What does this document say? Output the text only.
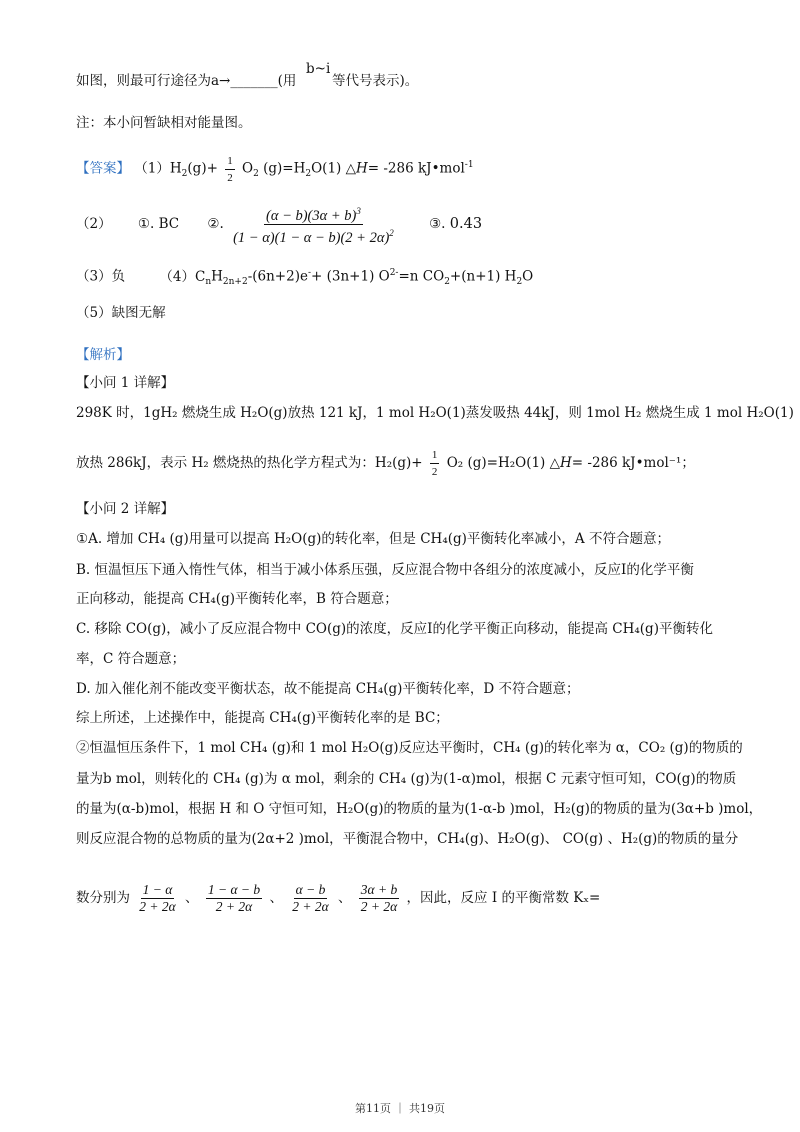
如图，则最可行途径为a→_______(用
b~i
等代号表示)。
注：本小问暂缺相对能量图。
【答案】 $(1)H_2(g)+ \frac{1}{2} O_2$ $(g)=H_2O(1)$ △H= -286 kJ•mol$^{-1}$
（2） ①. BC ②. $\frac{(\alpha - b)(3\alpha + b)^3}{(1 - \alpha)(1 - \alpha - b)(2 + 2\alpha)^2}$ ③. 0.43
（3）负	$(4)C_nH_{2n+2}-(6n+2)e^-+ (3n+1)$ $O^{2-}=n$ $CO_2+(n+1)$ $H_2O$
（5）缺图无解
【解析】
【小问 1 详解】
298K 时，1gH₂ 燃烧生成 H₂O(g)放热 121 kJ，1 mol H₂O(1)蒸发吸热 44kJ，则 1mol H₂ 燃烧生成 1 mol H₂O(1)
放热 286kJ，表示 H₂ 燃烧热的热化学方程式为：$H_2(g)+ \frac{1}{2} O_2$ (g)=H₂O(1) △H= -286 kJ•mol⁻¹；
【小问 2 详解】
①A. 增加 CH₄ (g)用量可以提高 H₂O(g)的转化率，但是 CH₄(g)平衡转化率减小，A 不符合题意；
B. 恒温恒压下通入惰性气体，相当于减小体系压强，反应混合物中各组分的浓度减小，反应I的化学平衡
正向移动，能提高 CH₄(g)平衡转化率，B 符合题意；
C. 移除 CO(g)，减小了反应混合物中 CO(g)的浓度，反应I的化学平衡正向移动，能提高 CH₄(g)平衡转化
率，C 符合题意；
D. 加入催化剂不能改变平衡状态，故不能提高 CH₄(g)平衡转化率，D 不符合题意；
综上所述，上述操作中，能提高 CH₄(g)平衡转化率的是 BC；
②恒温恒压条件下，1 mol CH₄ (g)和 1 mol H₂O(g)反应达平衡时，CH₄ (g)的转化率为 α，CO₂ (g)的物质的
量为b mol，则转化的 CH₄ (g)为 α mol，剩余的 CH₄ (g)为(1-α)mol，根据 C 元素守恒可知，CO(g)的物质
的量为(α-b)mol，根据 H 和 O 守恒可知，H₂O(g)的物质的量为(1-α-b )mol，H₂(g)的物质的量为(3α+b )mol，
则反应混合物的总物质的量为(2α+2 )mol，平衡混合物中，CH₄(g)、H₂O(g)、 CO(g) 、H₂(g)的物质的量分
数分别为 $\frac{1 - \alpha}{2 + 2\alpha}$ 、 $\frac{1 - \alpha - b}{2 + 2\alpha}$ 、 $\frac{\alpha - b}{2 + 2\alpha}$ 、 $\frac{3\alpha + b}{2 + 2\alpha}$ ，因此，反应 I 的平衡常数 Kₓ=
第11页 ｜ 共19页
